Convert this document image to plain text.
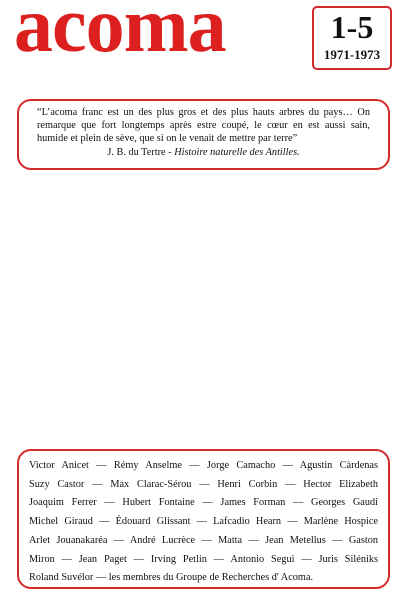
acoma	1-5
1971-1973

“L’acoma franc est un des plus gros et des plus hauts arbres du pays… On remarque que fort longtemps après estre coupé, le cœur en est aussi sain, humide et plein de sève, que si on le venait de mettre par terre”

J. B. du Tertre - Histoire naturelle des Antilles.
Victor Anicet — Rémy Anselme — Jorge Camacho — Agustin Càrdenas
Suzy Castor — Max Clarac-Sérou — Henri Corbin — Hector Elizabeth
Joaquim Ferrer — Hubert Fontaine — James Forman — Georges Gaudi
Michel Giraud — Édouard Glissant — Lafcadio Hearn — Marlène Hospice
Arlet Jouanakaréa — André Lucrèce — Matta — Jean Metellus — Gaston
Miron — Jean Paget — Irving Petlin — Antonio Segui — Juris Siléniks
Roland Suvélor — les membres du Groupe de Recherches d' Acoma.
